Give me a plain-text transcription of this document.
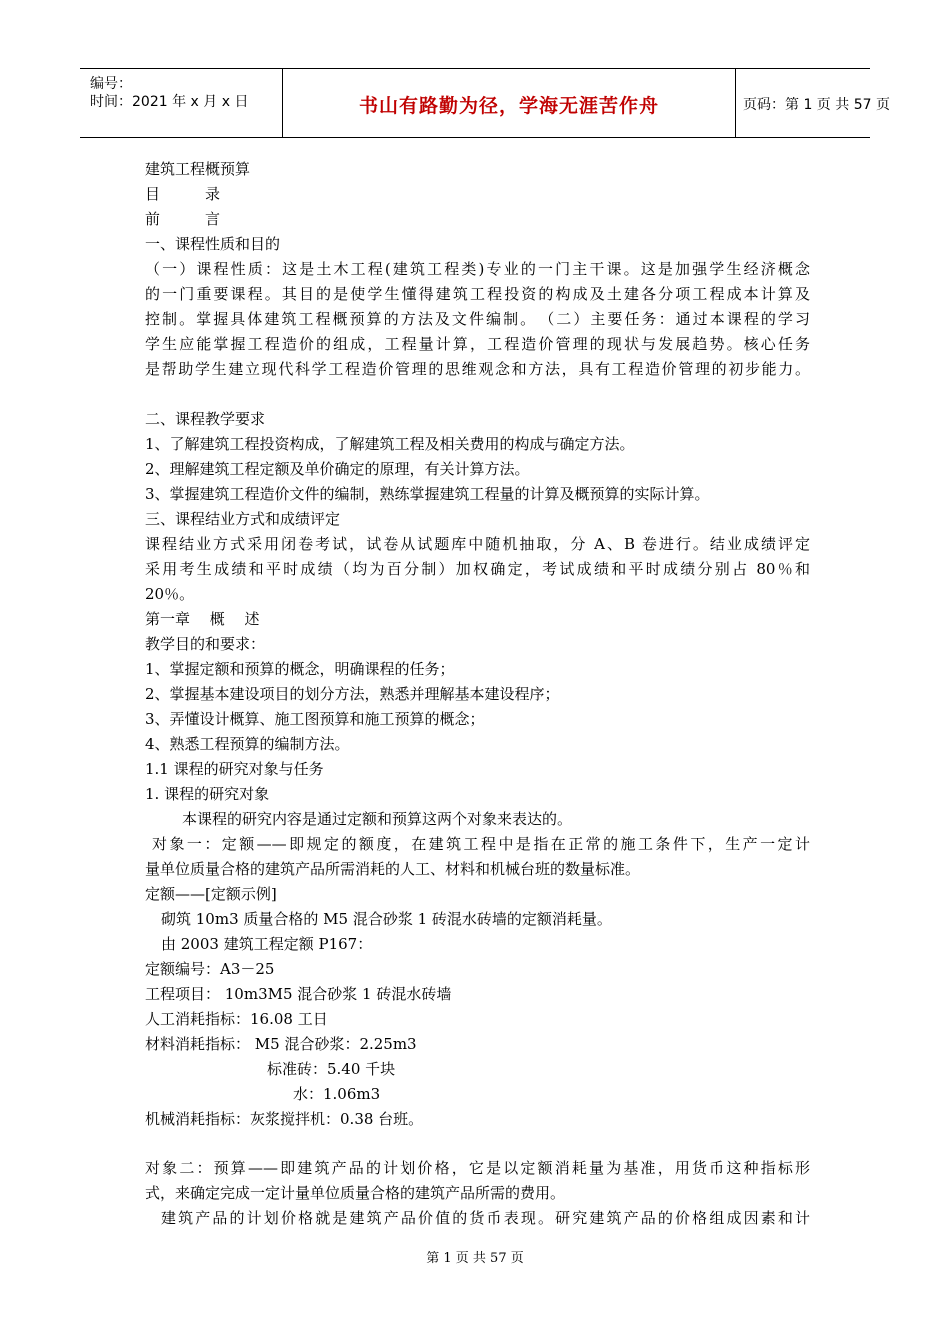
编号：
时间：2021 年 x 月 x 日	书山有路勤为径，学海无涯苦作舟	页码：第 1 页 共 57 页
建筑工程概预算
目　　　录
前　　　言
一、课程性质和目的
（一）课程性质：这是土木工程(建筑工程类)专业的一门主干课。这是加强学生经济概念
的一门重要课程。其目的是使学生懂得建筑工程投资的构成及土建各分项工程成本计算及
控制。掌握具体建筑工程概预算的方法及文件编制。　（二）主要任务：通过本课程的学习
学生应能掌握工程造价的组成，工程量计算，工程造价管理的现状与发展趋势。核心任务
是帮助学生建立现代科学工程造价管理的思维观念和方法，具有工程造价管理的初步能力。
二、课程教学要求
1、了解建筑工程投资构成，了解建筑工程及相关费用的构成与确定方法。
2、理解建筑工程定额及单价确定的原理，有关计算方法。
3、掌握建筑工程造价文件的编制，熟练掌握建筑工程量的计算及概预算的实际计算。
三、课程结业方式和成绩评定
课程结业方式采用闭卷考试，试卷从试题库中随机抽取，分 A、B 卷进行。结业成绩评定
采用考生成绩和平时成绩（均为百分制）加权确定，考试成绩和平时成绩分别占 80％和
20％。
第一章　 概　 述
教学目的和要求：
1、掌握定额和预算的概念，明确课程的任务；
2、掌握基本建设项目的划分方法，熟悉并理解基本建设程序；
3、弄懂设计概算、施工图预算和施工预算的概念；
4、熟悉工程预算的编制方法。
1.1 课程的研究对象与任务
1. 课程的研究对象
本课程的研究内容是通过定额和预算这两个对象来表达的。
对象一：定额——即规定的额度，在建筑工程中是指在正常的施工条件下，生产一定计
量单位质量合格的建筑产品所需消耗的人工、材料和机械台班的数量标准。
定额——[定额示例]
砌筑 10m3 质量合格的 M5 混合砂浆 1 砖混水砖墙的定额消耗量。
由 2003 建筑工程定额 P167：
定额编号：A3－25
工程项目： 10m3M5 混合砂浆 1 砖混水砖墙
人工消耗指标：16.08 工日
材料消耗指标： M5 混合砂浆：2.25m3
标准砖：5.40 千块
水：1.06m3
机械消耗指标：灰浆搅拌机：0.38 台班。
对象二：预算——即建筑产品的计划价格，它是以定额消耗量为基准，用货币这种指标形
式，来确定完成一定计量单位质量合格的建筑产品所需的费用。
建筑产品的计划价格就是建筑产品价值的货币表现。研究建筑产品的价格组成因素和计
第 1 页 共 57 页
